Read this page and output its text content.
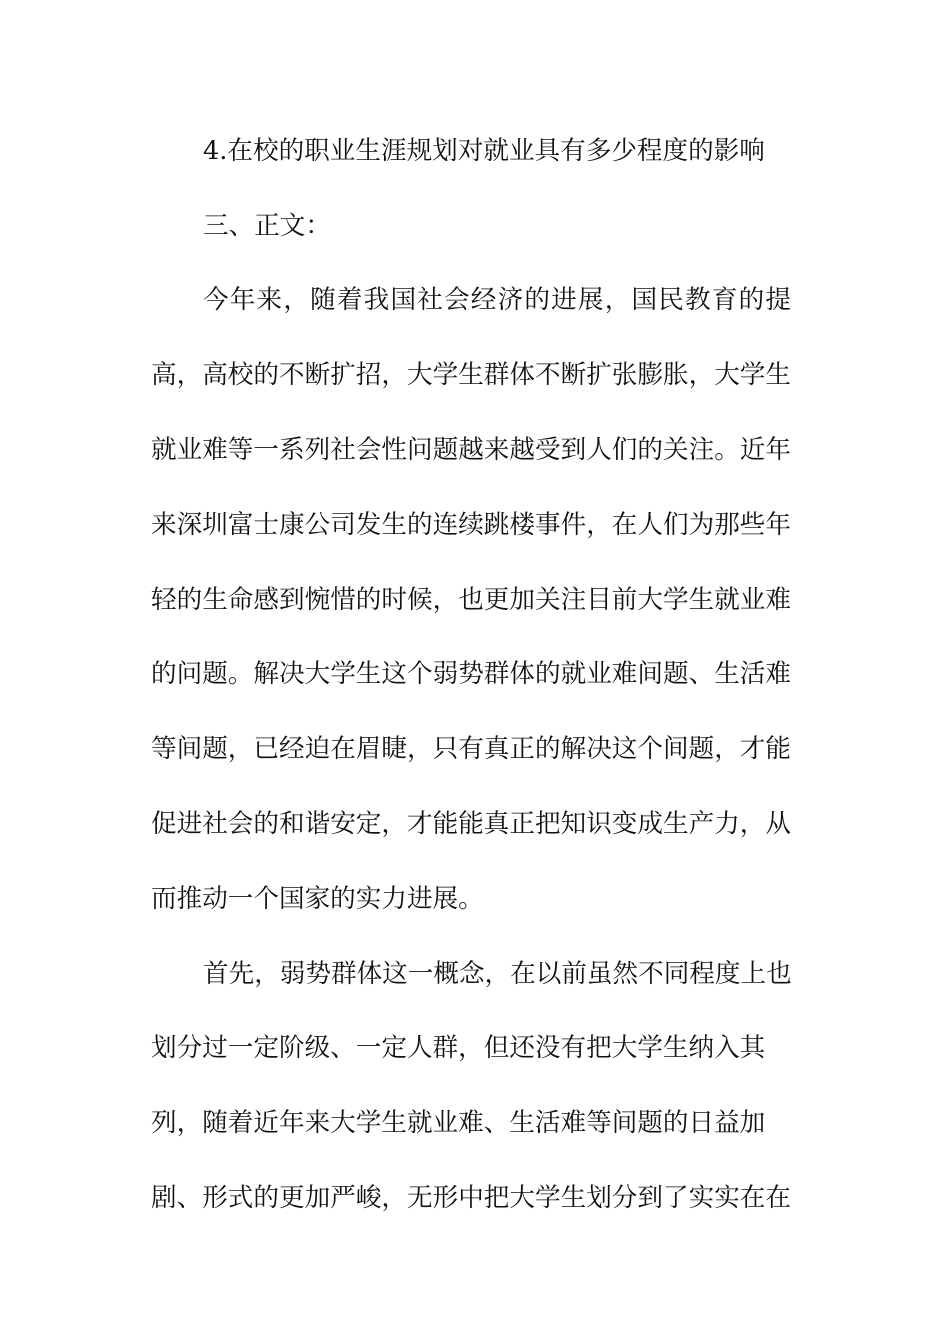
4.在校的职业生涯规划对就业具有多少程度的影响
三、正文：
今年来，随着我国社会经济的进展，国民教育的提
高，高校的不断扩招，大学生群体不断扩张膨胀，大学生
就业难等一系列社会性问题越来越受到人们的关注。近年
来深圳富士康公司发生的连续跳楼事件，在人们为那些年
轻的生命感到惋惜的时候，也更加关注目前大学生就业难
的问题。解决大学生这个弱势群体的就业难间题、生活难
等间题，已经迫在眉睫，只有真正的解决这个间题，才能
促进社会的和谐安定，才能能真正把知识变成生产力，从
而推动一个国家的实力进展。
首先，弱势群体这一概念，在以前虽然不同程度上也
划分过一定阶级、一定人群，但还没有把大学生纳入其
列，随着近年来大学生就业难、生活难等间题的日益加
剧、形式的更加严峻，无形中把大学生划分到了实实在在
